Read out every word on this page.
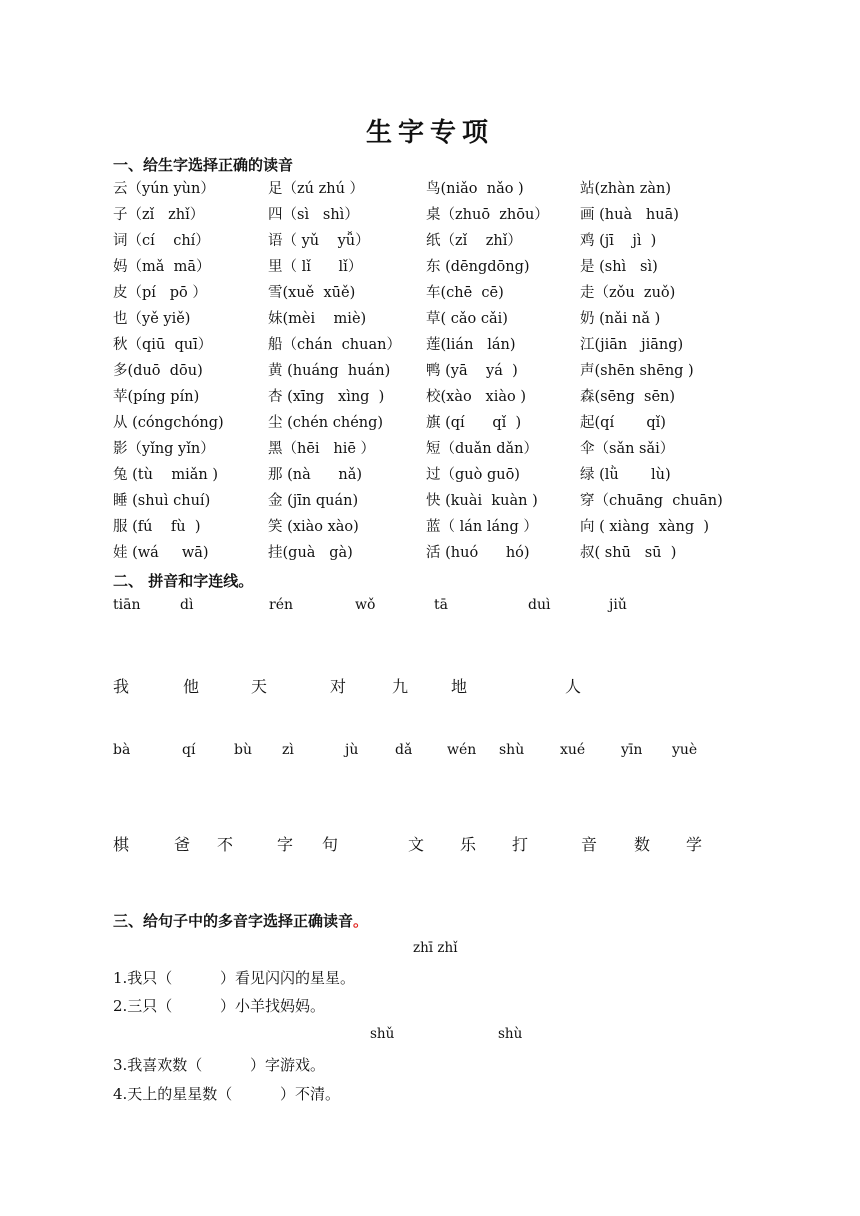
生字专项
一、给生字选择正确的读音
云（yún yùn）	足（zú zhú ）	鸟(niǎo  nǎo )	站(zhàn zàn)
子（zǐ   zhǐ）	四（sì   shì）	桌（zhuō  zhōu） 画 (huà   huā)
词（cí    chí）	语（ yǔ    yǚ）	纸（zǐ    zhǐ）	鸡 (jī    jì  )
妈（mǎ  mā）	里（ lǐ      lǐ）	东 (dēngdōng)	是 (shì   sì)
皮（pí   pō ）	雪(xuě  xūě)	车(chē  cē)	走（zǒu  zuǒ)
也（yě yiě)	妹(mèi    miè)	草( cǎo cǎi)	奶 (nǎi nǎ )
秋（qiū  quī）	船（chán  chuan） 莲(lián   lán)	江(jiān   jiāng)
多(duō  dōu)	黄 (huáng  huán) 鸭 (yā    yá  )	声(shēn shēng )
苹(píng pín)	杏 (xīng   xìng  )	校(xào   xiào )	森(sēng  sēn)
从 (cóngchóng)	尘 (chén chéng)	旗 (qí      qǐ  )	起(qí       qǐ)
影（yǐng yǐn）	黑（hēi   hiē ）	短（duǎn dǎn）	伞（sǎn sǎi）
兔 (tù    miǎn )	那 (nà      nǎ)	过（guò guō)	绿 (lǜ       lù)
睡 (shuì chuí)	金 (jīn quán)	快 (kuài  kuàn )	穿（chuāng  chuān)
服 (fú    fù  )	笑 (xiào xào)	蓝（ lán láng ）	向 ( xiàng  xàng  )
娃 (wá     wā)	挂(guà   gà)	活 (huó      hó)	叔( shū   sū  )
二、 拼音和字连线。
tiān	dì	rén	wǒ	tā	duì	jiǔ
我	他	天	对	九	地	人
bà	qí	bù zì	jù	dǎ wén shù	xué	yīn yuè
棋	爸 不	字 句	文 乐 打	音 数 学
三、给句子中的多音字选择正确读音。
zhī zhǐ
1.我只（          ）看见闪闪的星星。
2.三只（          ）小羊找妈妈。
shǔ	shù
3.我喜欢数（          ）字游戏。
4.天上的星星数（          ）不清。
